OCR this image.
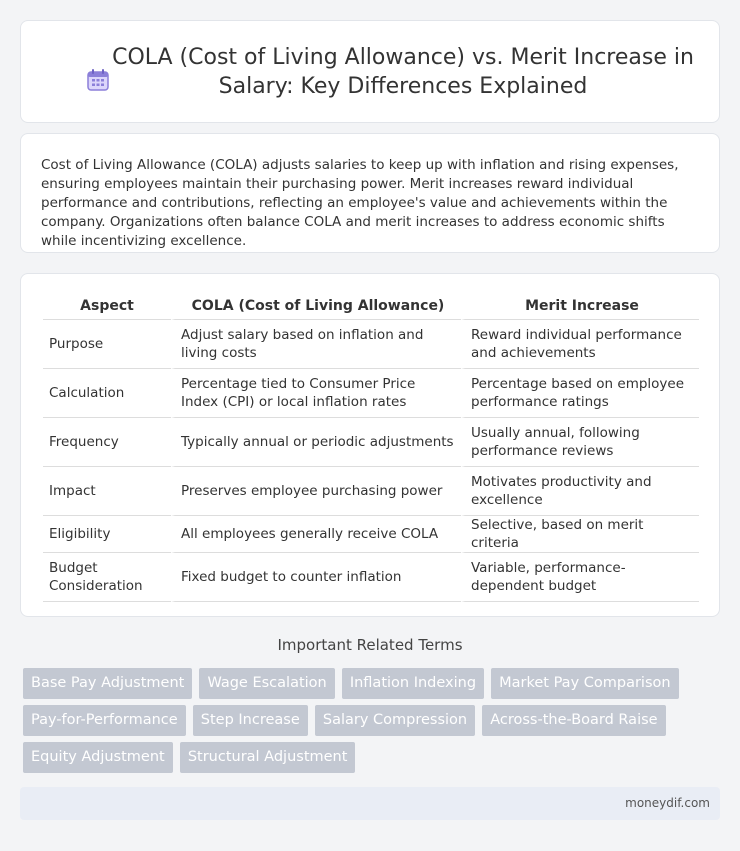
COLA (Cost of Living Allowance) vs. Merit Increase in Salary: Key Differences Explained

Cost of Living Allowance (COLA) adjusts salaries to keep up with inflation and rising expenses, ensuring employees maintain their purchasing power. Merit increases reward individual performance and contributions, reflecting an employee's value and achievements within the company. Organizations often balance COLA and merit increases to address economic shifts while incentivizing excellence.

Aspect	COLA (Cost of Living Allowance)	Merit Increase
Purpose	Adjust salary based on inflation and living costs	Reward individual performance and achievements
Calculation	Percentage tied to Consumer Price Index (CPI) or local inflation rates	Percentage based on employee performance ratings
Frequency	Typically annual or periodic adjustments	Usually annual, following performance reviews
Impact	Preserves employee purchasing power	Motivates productivity and excellence
Eligibility	All employees generally receive COLA	Selective, based on merit criteria
Budget Consideration	Fixed budget to counter inflation	Variable, performance-dependent budget
Important Related Terms
Base Pay Adjustment Wage Escalation Inflation Indexing Market Pay Comparison Pay-for-Performance Step Increase Salary Compression Across-the-Board Raise Equity Adjustment Structural Adjustment
moneydif.com
